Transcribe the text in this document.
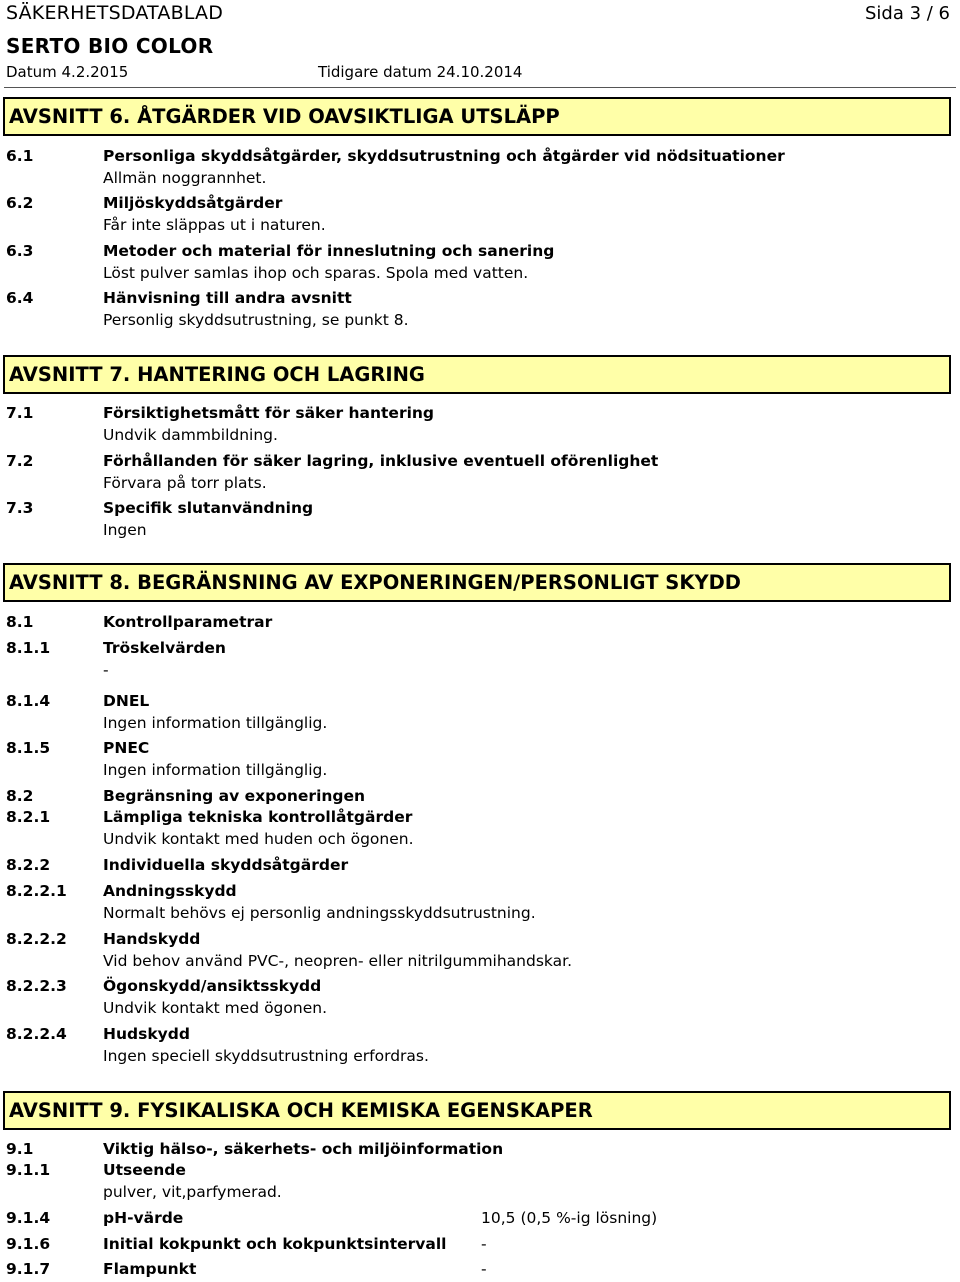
SÄKERHETSDATABLAD	Sida 3 / 6
SERTO BIO COLOR
Datum 4.2.2015	Tidigare datum 24.10.2014
AVSNITT 6. ÅTGÄRDER VID OAVSIKTLIGA UTSLÄPP
6.1	Personliga skyddsåtgärder, skyddsutrustning och åtgärder vid nödsituationer
Allmän noggrannhet.
6.2	Miljöskyddsåtgärder
Får inte släppas ut i naturen.
6.3	Metoder och material för inneslutning och sanering
Löst pulver samlas ihop och sparas. Spola med vatten.
6.4	Hänvisning till andra avsnitt
Personlig skyddsutrustning, se punkt 8.
AVSNITT 7. HANTERING OCH LAGRING
7.1	Försiktighetsmått för säker hantering
Undvik dammbildning.
7.2	Förhållanden för säker lagring, inklusive eventuell oförenlighet
Förvara på torr plats.
7.3	Specifik slutanvändning
Ingen
AVSNITT 8. BEGRÄNSNING AV EXPONERINGEN/PERSONLIGT SKYDD
8.1	Kontrollparametrar
8.1.1	Tröskelvärden
-
8.1.4	DNEL
Ingen information tillgänglig.
8.1.5	PNEC
Ingen information tillgänglig.
8.2	Begränsning av exponeringen
8.2.1	Lämpliga tekniska kontrollåtgärder
Undvik kontakt med huden och ögonen.
8.2.2	Individuella skyddsåtgärder
8.2.2.1 Andningsskydd
Normalt behövs ej personlig andningsskyddsutrustning.
8.2.2.2 Handskydd
Vid behov använd PVC-, neopren- eller nitrilgummihandskar.
8.2.2.3 Ögonskydd/ansiktsskydd
Undvik kontakt med ögonen.
8.2.2.4 Hudskydd
Ingen speciell skyddsutrustning erfordras.
AVSNITT 9. FYSIKALISKA OCH KEMISKA EGENSKAPER
9.1	Viktig hälso-, säkerhets- och miljöinformation
9.1.1	Utseende
pulver, vit,parfymerad.
9.1.4	pH-värde	10,5 (0,5 %-ig lösning)
9.1.6	Initial kokpunkt och kokpunktsintervall -
9.1.7	Flampunkt	-
